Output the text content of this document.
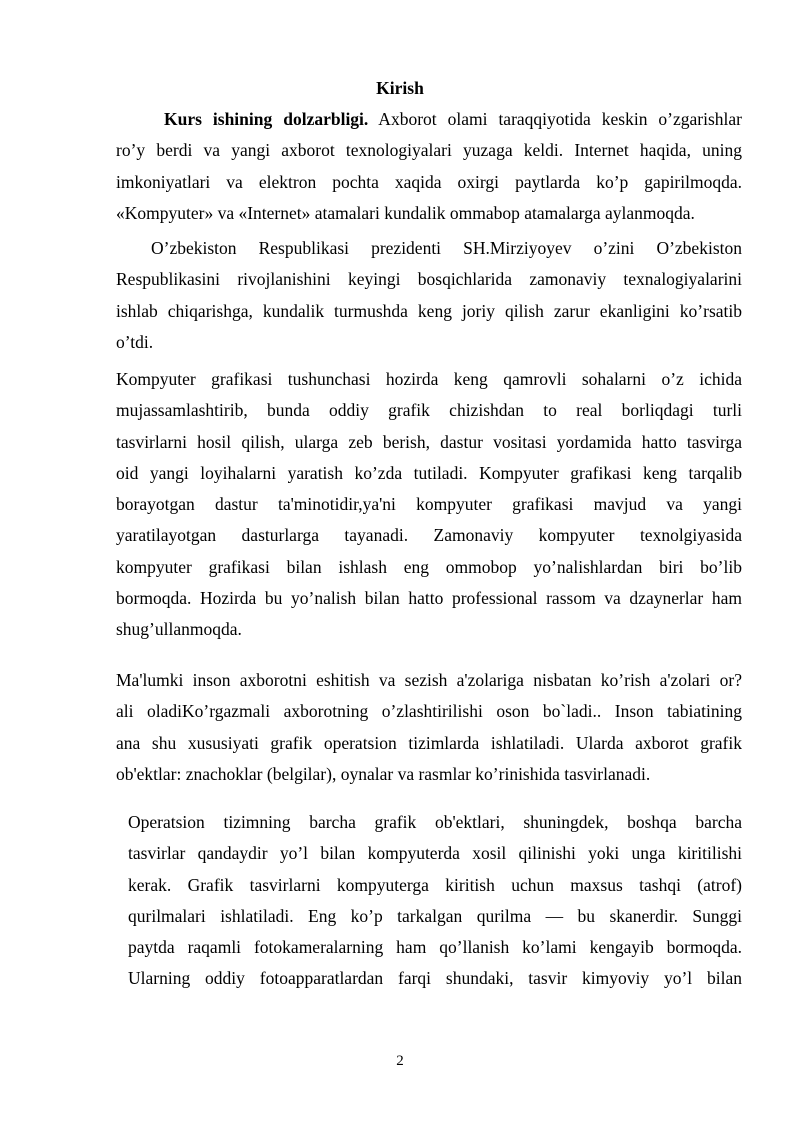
Kirish
Kurs ishining dolzarbligi. Axborot olami taraqqiyotida keskin o’zgarishlar
ro’y berdi va yangi axborot texnologiyalari yuzaga keldi. Internet haqida, uning
imkoniyatlari va elektron pochta xaqida oxirgi paytlarda ko’p gapirilmoqda.
«Kompyuter» va «Internet» atamalari kundalik ommabop atamalarga aylanmoqda.
O’zbekiston Respublikasi prezidenti SH.Mirziyoyev o’zini O’zbekiston
Respublikasini rivojlanishini keyingi bosqichlarida zamonaviy texnalogiyalarini
ishlab chiqarishga, kundalik turmushda keng joriy qilish zarur ekanligini ko’rsatib
o’tdi.
Kompyuter grafikasi tushunchasi hozirda keng qamrovli sohalarni o’z ichida
mujassamlashtirib, bunda oddiy grafik chizishdan to real borliqdagi turli
tasvirlarni hosil qilish, ularga zeb berish, dastur vositasi yordamida hatto tasvirga
oid yangi loyihalarni yaratish ko’zda tutiladi. Kompyuter grafikasi keng tarqalib
borayotgan dastur ta'minotidir,ya'ni kompyuter grafikasi mavjud va yangi
yaratilayotgan dasturlarga tayanadi. Zamonaviy kompyuter texnolgiyasida
kompyuter grafikasi bilan ishlash eng ommobop yo’nalishlardan biri bo’lib
bormoqda. Hozirda bu yo’nalish bilan hatto professional rassom va dzaynerlar ham
shug’ullanmoqda.
Ma'lumki inson axborotni eshitish va sezish a'zolariga nisbatan ko’rish a'zolari or?
ali oladiKo’rgazmali axborotning o’zlashtirilishi oson bo`ladi.. Inson tabiatining
ana shu xususiyati grafik operatsion tizimlarda ishlatiladi. Ularda axborot grafik
ob'ektlar: znachoklar (belgilar), oynalar va rasmlar ko’rinishida tasvirlanadi.
Operatsion tizimning barcha grafik ob'ektlari, shuningdek, boshqa barcha
tasvirlar qandaydir yo’l bilan kompyuterda xosil qilinishi yoki unga kiritilishi
kerak. Grafik tasvirlarni kompyuterga kiritish uchun maxsus tashqi (atrof)
qurilmalari ishlatiladi. Eng ko’p tarkalgan qurilma — bu skanerdir. Sunggi
paytda raqamli fotokameralarning ham qo’llanish ko’lami kengayib bormoqda.
Ularning oddiy fotoapparatlardan farqi shundaki, tasvir kimyoviy yo’l bilan
2
